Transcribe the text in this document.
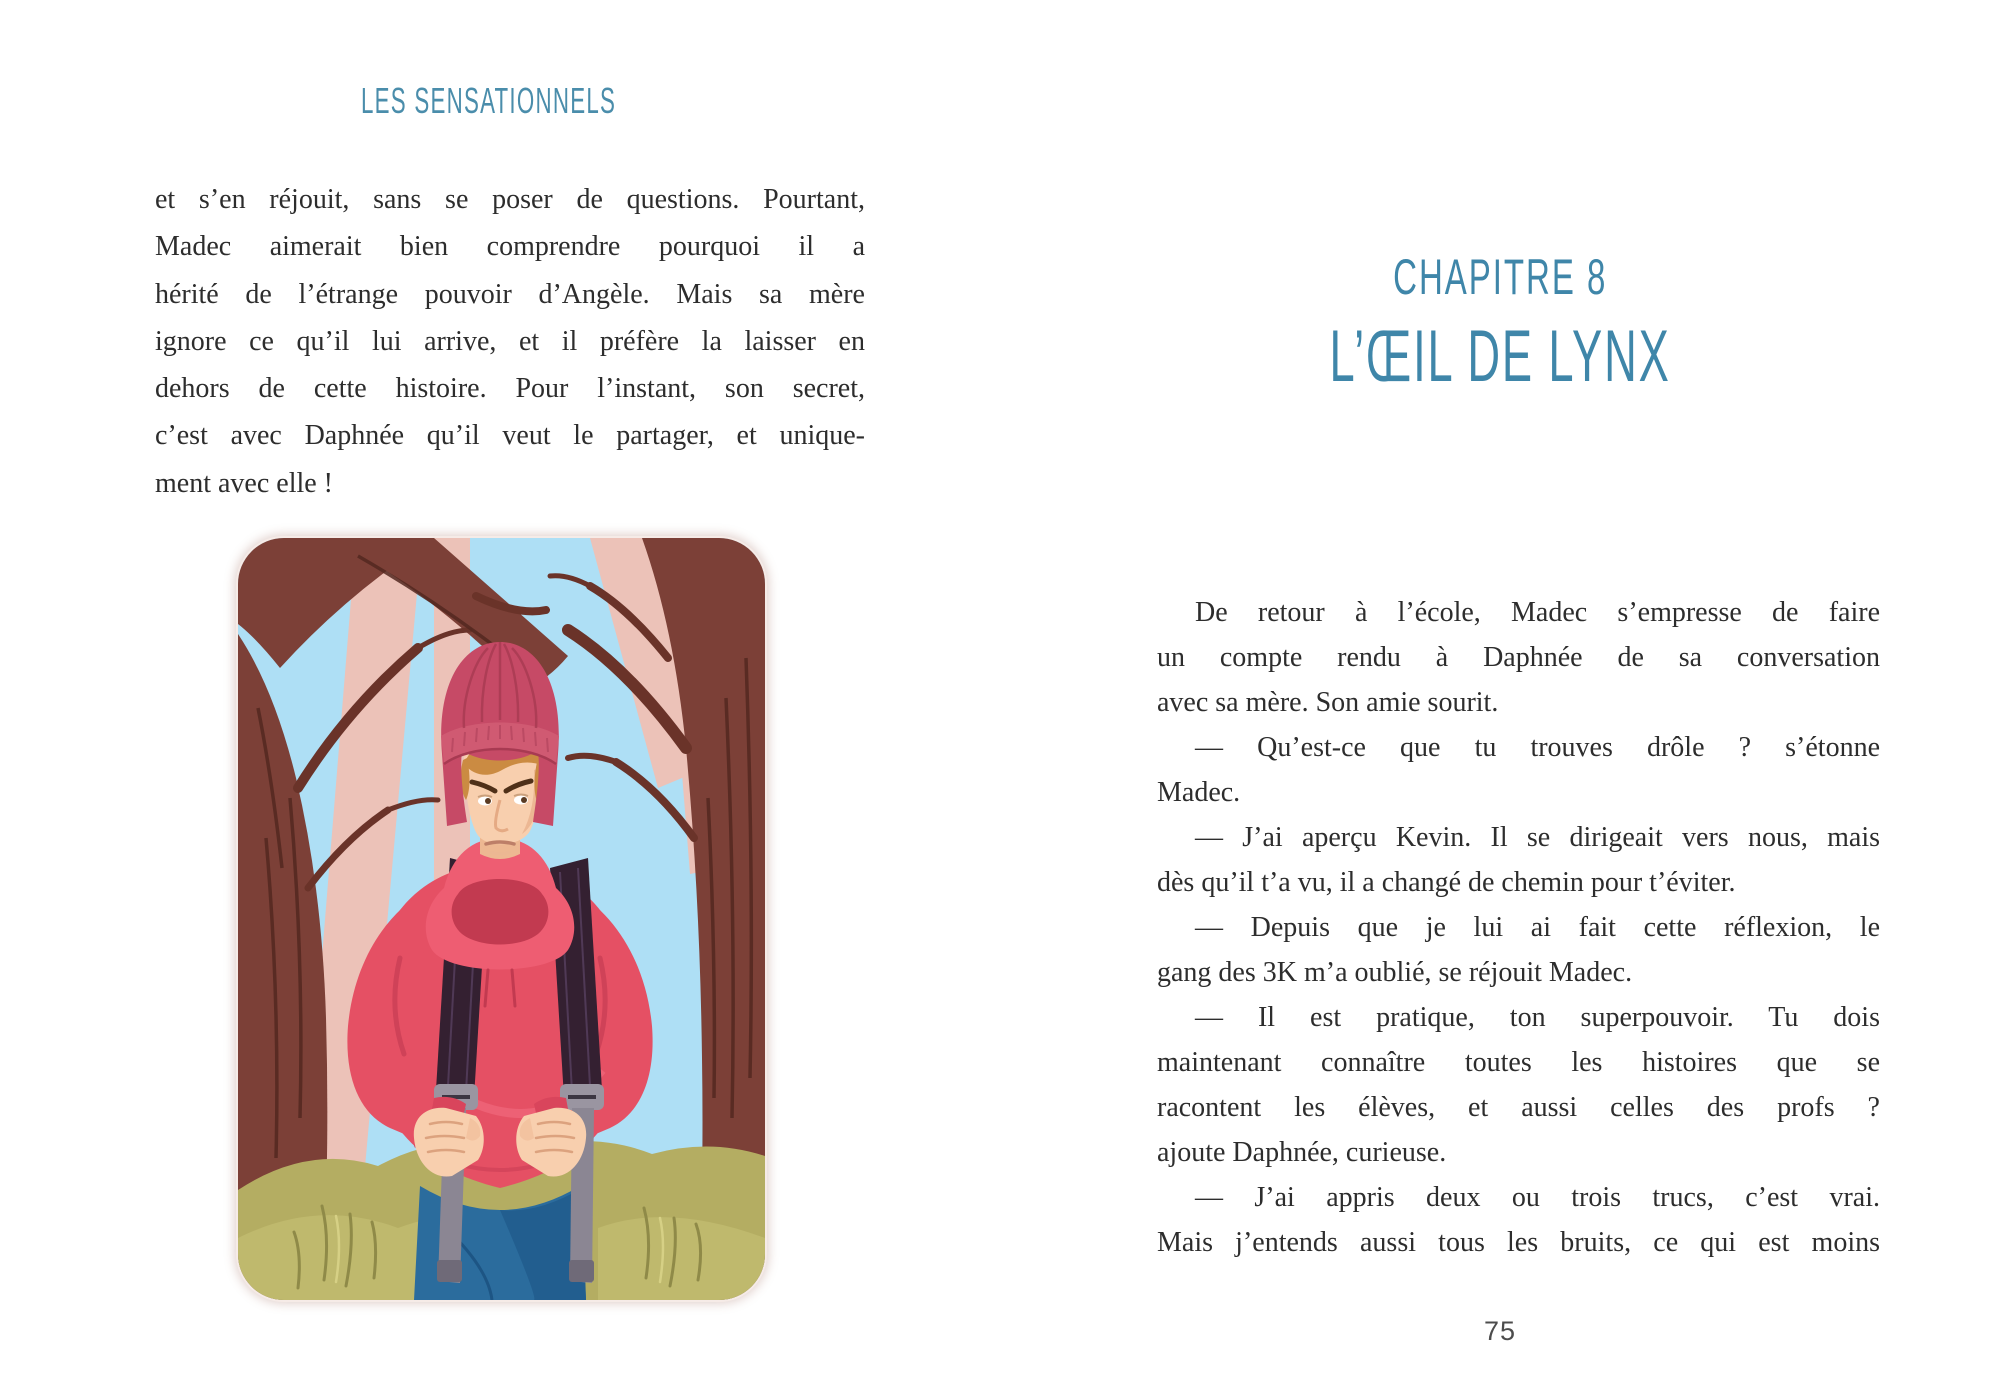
LES SENSATIONNELS
et s’en réjouit, sans se poser de questions. Pourtant,
Madec aimerait bien comprendre pourquoi il a
hérité de l’étrange pouvoir d’Angèle. Mais sa mère
ignore ce qu’il lui arrive, et il préfère la laisser en
dehors de cette histoire. Pour l’instant, son secret,
c’est avec Daphnée qu’il veut le partager, et unique-
ment avec elle !
CHAPITRE 8
L’ŒIL DE LYNX
De retour à l’école, Madec s’empresse de faire
un compte rendu à Daphnée de sa conversation
avec sa mère. Son amie sourit.
— Qu’est-ce que tu trouves drôle ? s’étonne
Madec.
— J’ai aperçu Kevin. Il se dirigeait vers nous, mais
dès qu’il t’a vu, il a changé de chemin pour t’éviter.
— Depuis que je lui ai fait cette réflexion, le
gang des 3K m’a oublié, se réjouit Madec.
— Il est pratique, ton superpouvoir. Tu dois
maintenant connaître toutes les histoires que se
racontent les élèves, et aussi celles des profs ?
ajoute Daphnée, curieuse.
— J’ai appris deux ou trois trucs, c’est vrai.
Mais j’entends aussi tous les bruits, ce qui est moins
75
